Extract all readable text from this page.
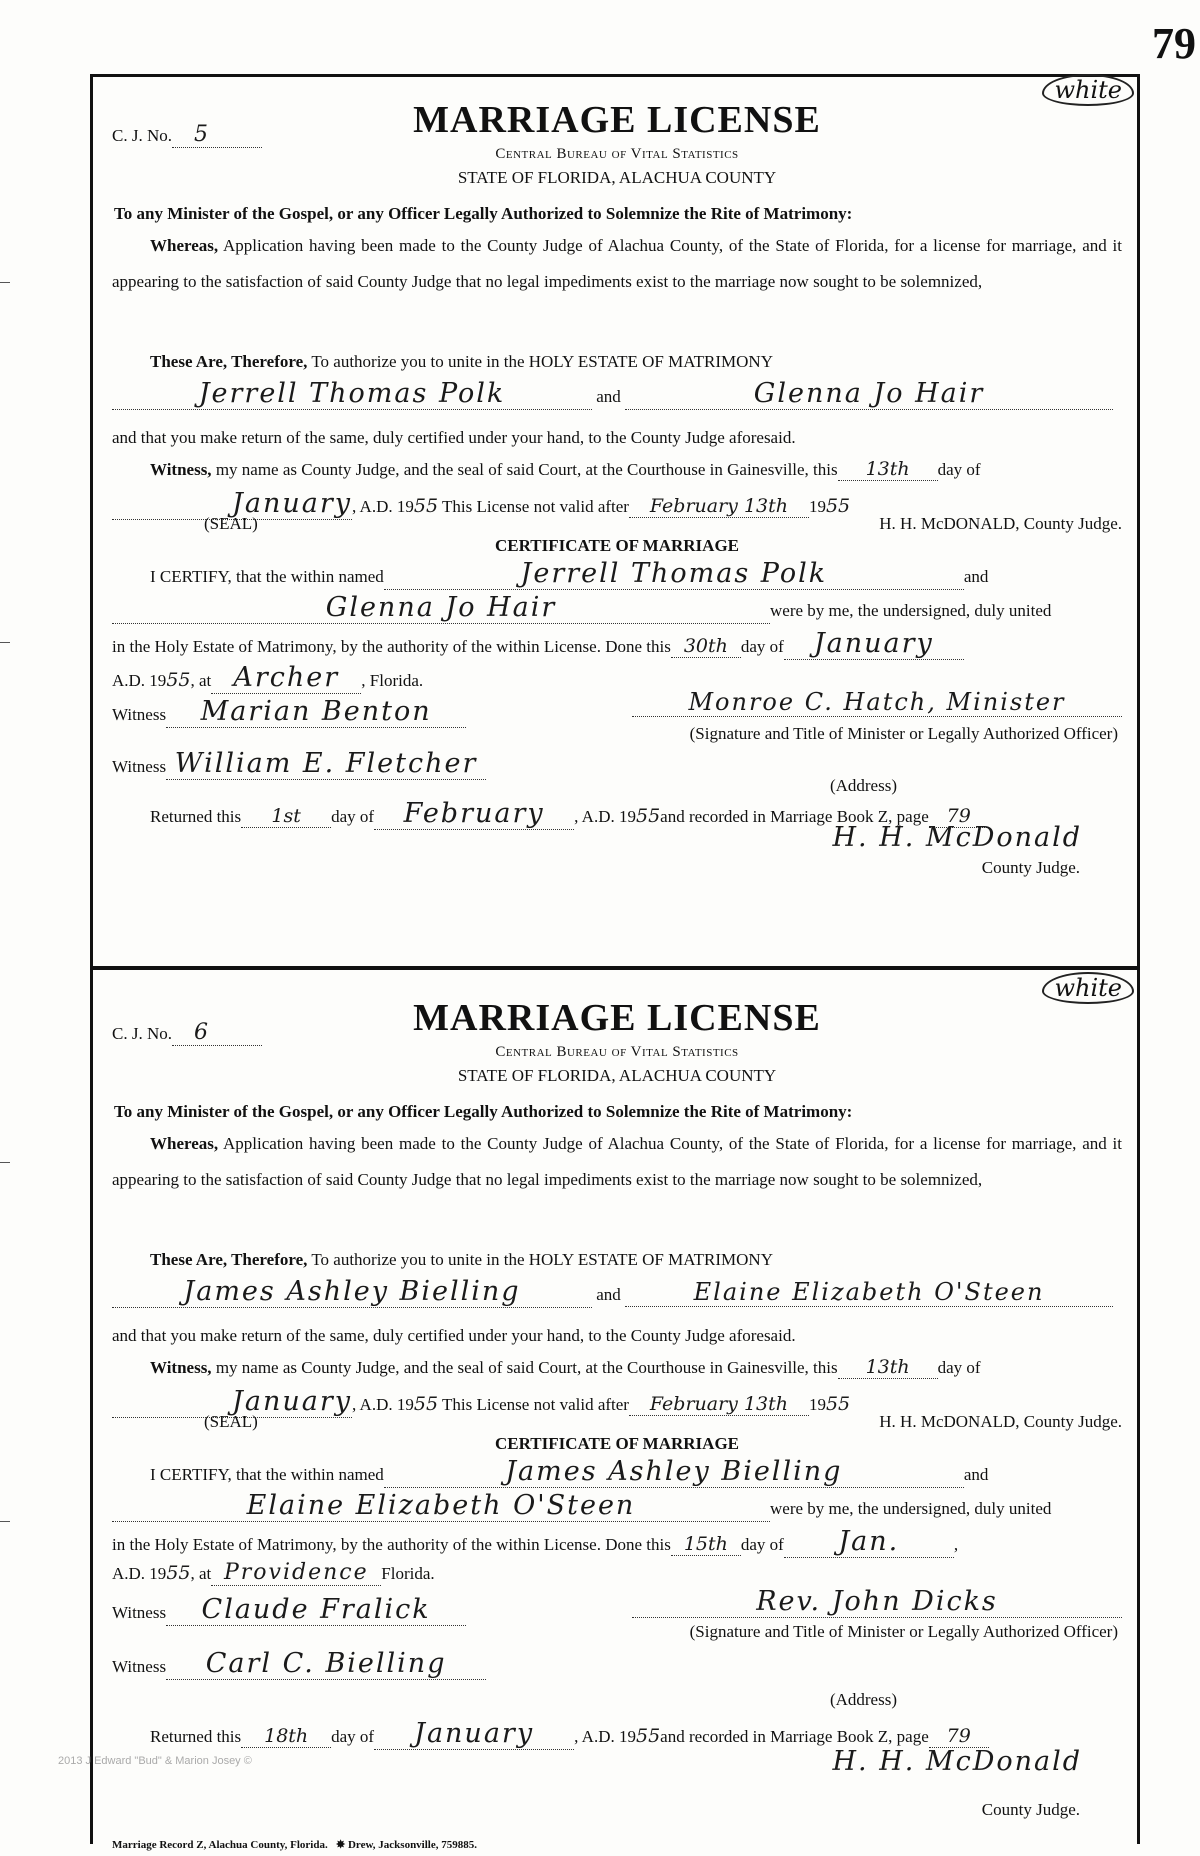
79
white
C. J. No. 5	MARRIAGE LICENSE
Central Bureau of Vital Statistics
STATE OF FLORIDA, ALACHUA COUNTY
To any Minister of the Gospel, or any Officer Legally Authorized to Solemnize the Rite of Matrimony:
Whereas, Application having been made to the County Judge of Alachua County, of the State of Florida, for a license for marriage, and it appearing to the satisfaction of said County Judge that no legal impediments exist to the marriage now sought to be solemnized,
These Are, Therefore, To authorize you to unite in the HOLY ESTATE OF MATRIMONY
Jerrell Thomas Polk	and	Glenna Jo Hair
and that you make return of the same, duly certified under your hand, to the County Judge aforesaid.
Witness, my name as County Judge, and the seal of said Court, at the Courthouse in Gainesville, this 13th day of
January, A.D. 1955 This License not valid after February 13th 1955
(SEAL)	H. H. McDONALD, County Judge.
CERTIFICATE OF MARRIAGE
I CERTIFY, that the within named	Jerrell Thomas Polk	and
Glenna Jo Hair	were by me, the undersigned, duly united
in the Holy Estate of Matrimony, by the authority of the within License. Done this 30th day of January
A.D. 1955, at Archer , Florida.
Witness Marian Benton	Monroe C. Hatch, Minister
(Signature and Title of Minister or Legally Authorized Officer)
Witness William E. Fletcher
(Address)
Returned this 1st day of February , A.D. 1955and recorded in Marriage Book Z, page 79
H. H. McDonald
County Judge.
white
C. J. No. 6	MARRIAGE LICENSE
Central Bureau of Vital Statistics
STATE OF FLORIDA, ALACHUA COUNTY
To any Minister of the Gospel, or any Officer Legally Authorized to Solemnize the Rite of Matrimony:
Whereas, Application having been made to the County Judge of Alachua County, of the State of Florida, for a license for marriage, and it appearing to the satisfaction of said County Judge that no legal impediments exist to the marriage now sought to be solemnized,
These Are, Therefore, To authorize you to unite in the HOLY ESTATE OF MATRIMONY
James Ashley Bielling	and	Elaine Elizabeth O'Steen
and that you make return of the same, duly certified under your hand, to the County Judge aforesaid.
Witness, my name as County Judge, and the seal of said Court, at the Courthouse in Gainesville, this 13th day of
January, A.D. 1955 This License not valid after February 13th 1955
(SEAL)	H. H. McDONALD, County Judge.
CERTIFICATE OF MARRIAGE
I CERTIFY, that the within named	James Ashley Bielling	and
Elaine Elizabeth O'Steen	were by me, the undersigned, duly united
in the Holy Estate of Matrimony, by the authority of the within License. Done this 15th day of Jan.	,
A.D. 1955, at Providence Florida.
Witness Claude Fralick	Rev. John Dicks
(Signature and Title of Minister or Legally Authorized Officer)
Witness Carl C. Bielling
(Address)
Returned this 18th day of January , A.D. 1955and recorded in Marriage Book Z, page 79
H. H. McDonald
County Judge.
2013 J Edward "Bud" & Marion Josey ©
Marriage Record Z, Alachua County, Florida.   ✸ Drew, Jacksonville, 759885.
